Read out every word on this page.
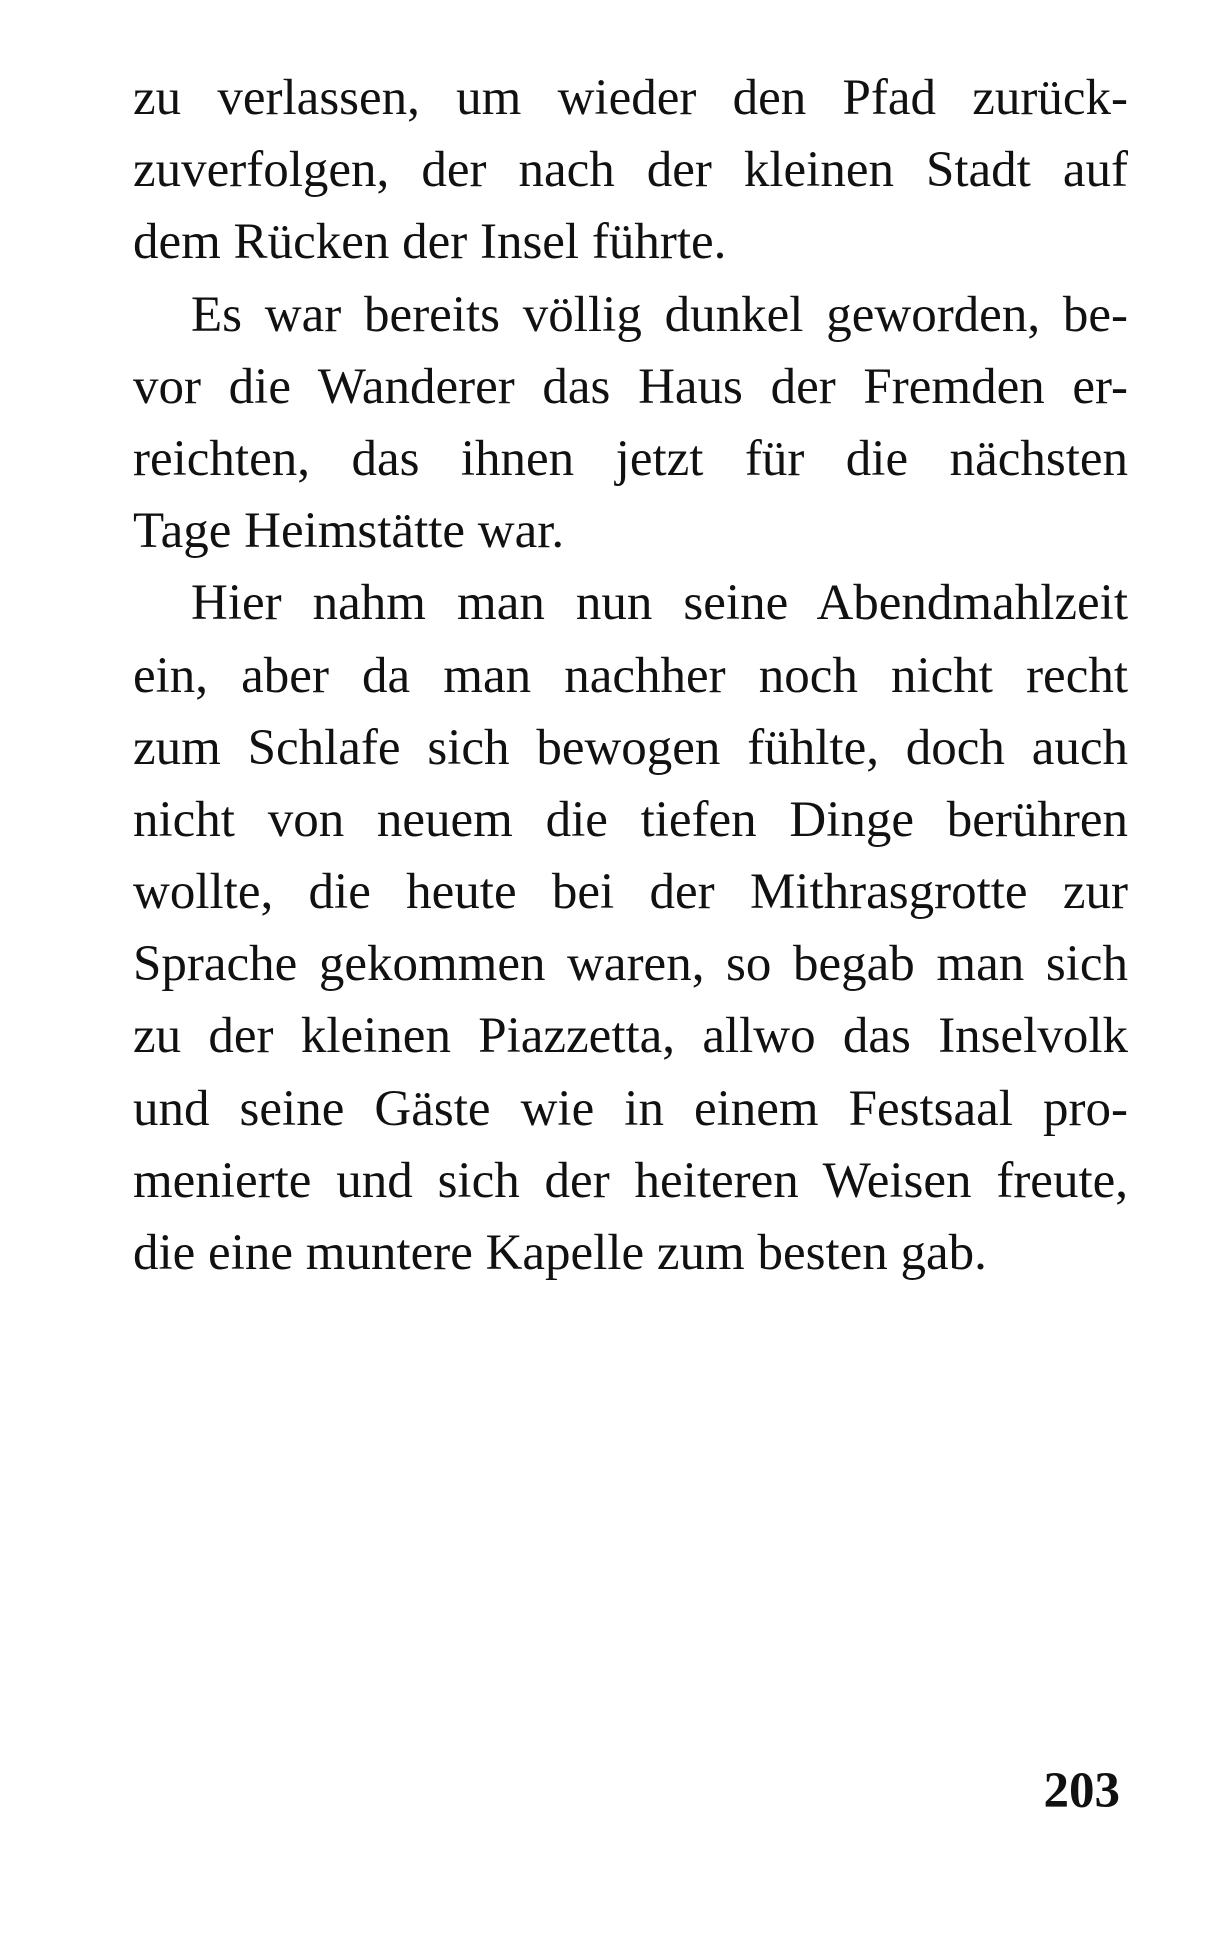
zu verlassen, um wieder den Pfad zurück-
zuverfolgen, der nach der kleinen Stadt auf
dem Rücken der Insel führte.

Es war bereits völlig dunkel geworden, be-
vor die Wanderer das Haus der Fremden er-
reichten, das ihnen jetzt für die nächsten
Tage Heimstätte war.

Hier nahm man nun seine Abendmahlzeit
ein, aber da man nachher noch nicht recht
zum Schlafe sich bewogen fühlte, doch auch
nicht von neuem die tiefen Dinge berühren
wollte, die heute bei der Mithrasgrotte zur
Sprache gekommen waren, so begab man sich
zu der kleinen Piazzetta, allwo das Inselvolk
und seine Gäste wie in einem Festsaal pro-
menierte und sich der heiteren Weisen freute,
die eine muntere Kapelle zum besten gab.

203
